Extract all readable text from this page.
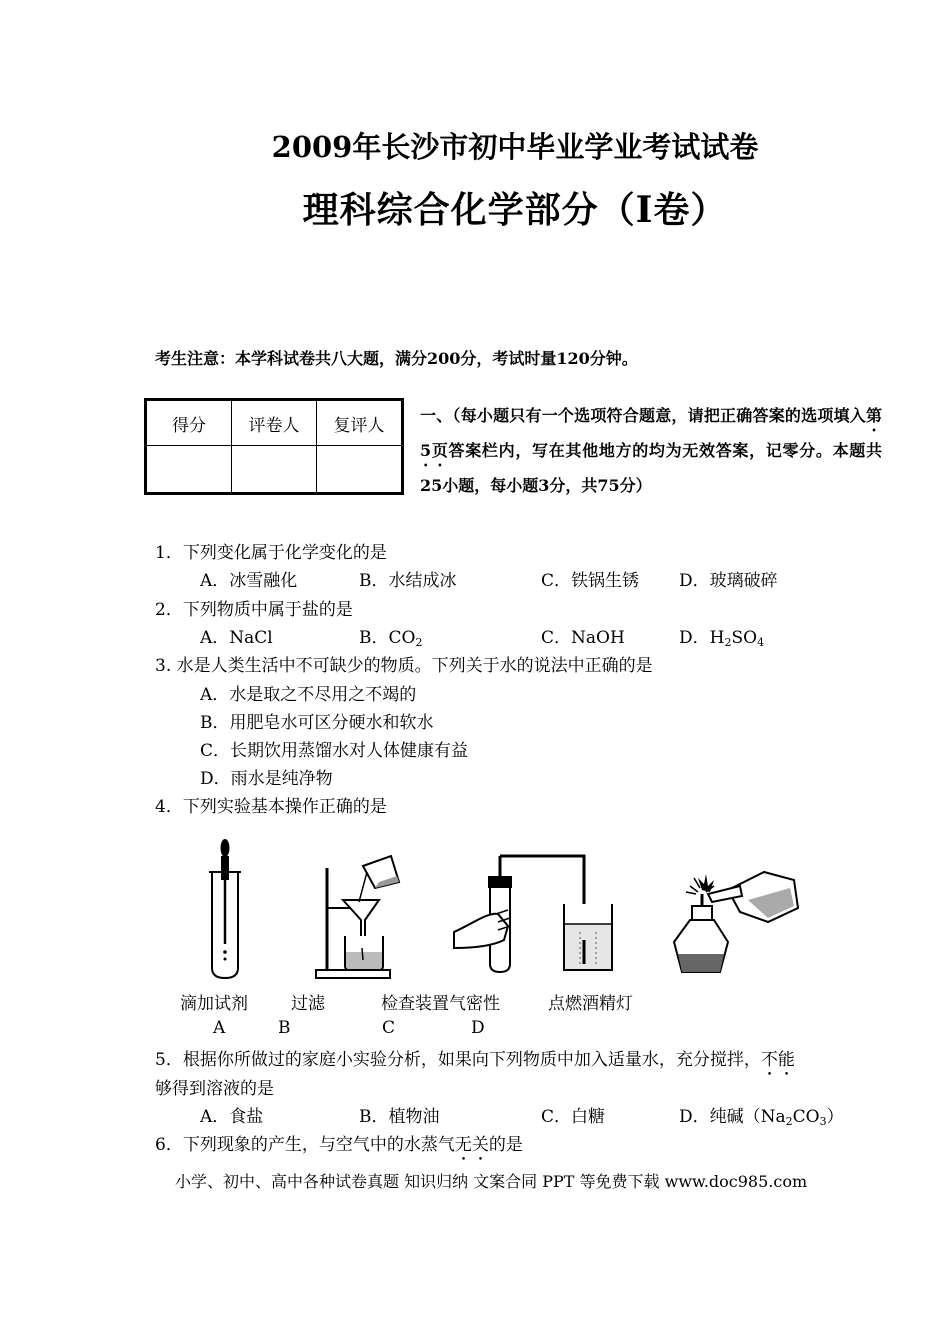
2009年长沙市初中毕业学业考试试卷
理科综合化学部分（Ⅰ卷）
考生注意：本学科试卷共八大题，满分200分，考试时量120分钟。
得分	评卷人	复评人
		一、（每小题只有一个选项符合题意，请把正确答案的选项填入第5页答案栏内，写在其他地方的均为无效答案，记零分。本题共25小题，每小题3分，共75分）
1．下列变化属于化学变化的是
A．冰雪融化	B．水结成冰	C．铁锅生锈 D．玻璃破碎
2．下列物质中属于盐的是
A．NaCl	B．$CO_2$	C．NaOH	D．$H_2SO_4$
3. 水是人类生活中不可缺少的物质。下列关于水的说法中正确的是
A．水是取之不尽用之不竭的
B．用肥皂水可区分硬水和软水
C．长期饮用蒸馏水对人体健康有益
D．雨水是纯净物
4．下列实验基本操作正确的是
滴加试剂	过滤	检查装置气密性	点燃酒精灯
A	B	C	D
5．根据你所做过的家庭小实验分析，如果向下列物质中加入适量水，充分搅拌，不能
够得到溶液的是
A．食盐	B．植物油	C．白糖	D．纯碱$(Na_2CO_3)$
6．下列现象的产生，与空气中的水蒸气无关的是
小学、初中、高中各种试卷真题 知识归纳 文案合同 PPT 等免费下载 www.doc985.com
